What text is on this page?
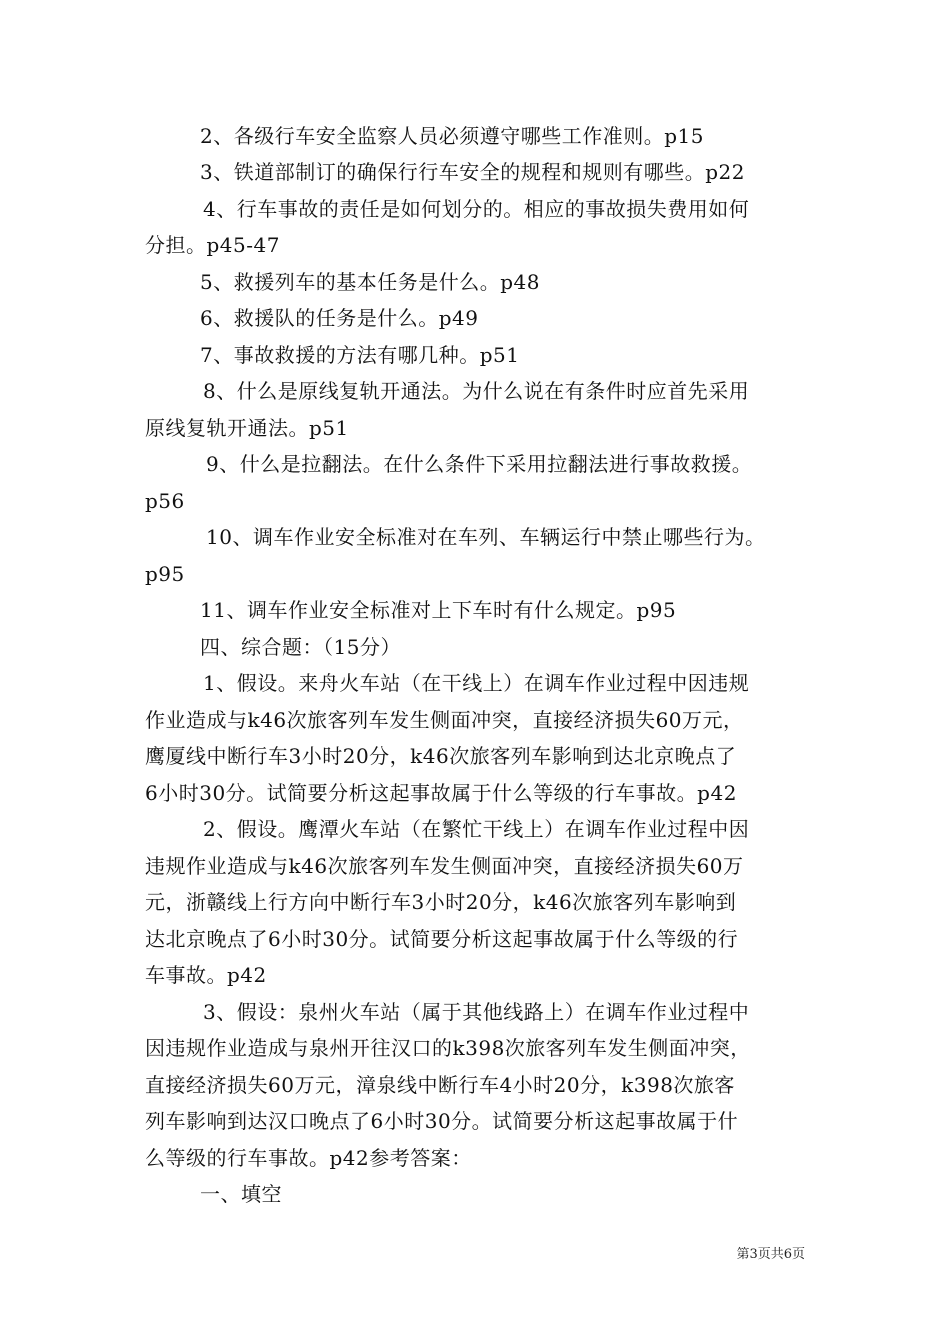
2、各级行车安全监察人员必须遵守哪些工作准则。p15
3、铁道部制订的确保行行车安全的规程和规则有哪些。p22
4、行车事故的责任是如何划分的。相应的事故损失费用如何
分担。p45-47
5、救援列车的基本任务是什么。p48
6、救援队的任务是什么。p49
7、事故救援的方法有哪几种。p51
8、什么是原线复轨开通法。为什么说在有条件时应首先采用
原线复轨开通法。p51
9、什么是拉翻法。在什么条件下采用拉翻法进行事故救援。
p56
10、调车作业安全标准对在车列、车辆运行中禁止哪些行为。
p95
11、调车作业安全标准对上下车时有什么规定。p95
四、综合题：（15分）
1、假设。来舟火车站（在干线上）在调车作业过程中因违规
作业造成与k46次旅客列车发生侧面冲突，直接经济损失60万元，
鹰厦线中断行车3小时20分，k46次旅客列车影响到达北京晚点了
6小时30分。试简要分析这起事故属于什么等级的行车事故。p42
2、假设。鹰潭火车站（在繁忙干线上）在调车作业过程中因
违规作业造成与k46次旅客列车发生侧面冲突，直接经济损失60万
元，浙赣线上行方向中断行车3小时20分，k46次旅客列车影响到
达北京晚点了6小时30分。试简要分析这起事故属于什么等级的行
车事故。p42
3、假设：泉州火车站（属于其他线路上）在调车作业过程中
因违规作业造成与泉州开往汉口的k398次旅客列车发生侧面冲突，
直接经济损失60万元，漳泉线中断行车4小时20分，k398次旅客
列车影响到达汉口晚点了6小时30分。试简要分析这起事故属于什
么等级的行车事故。p42参考答案：
一、填空
第3页共6页
